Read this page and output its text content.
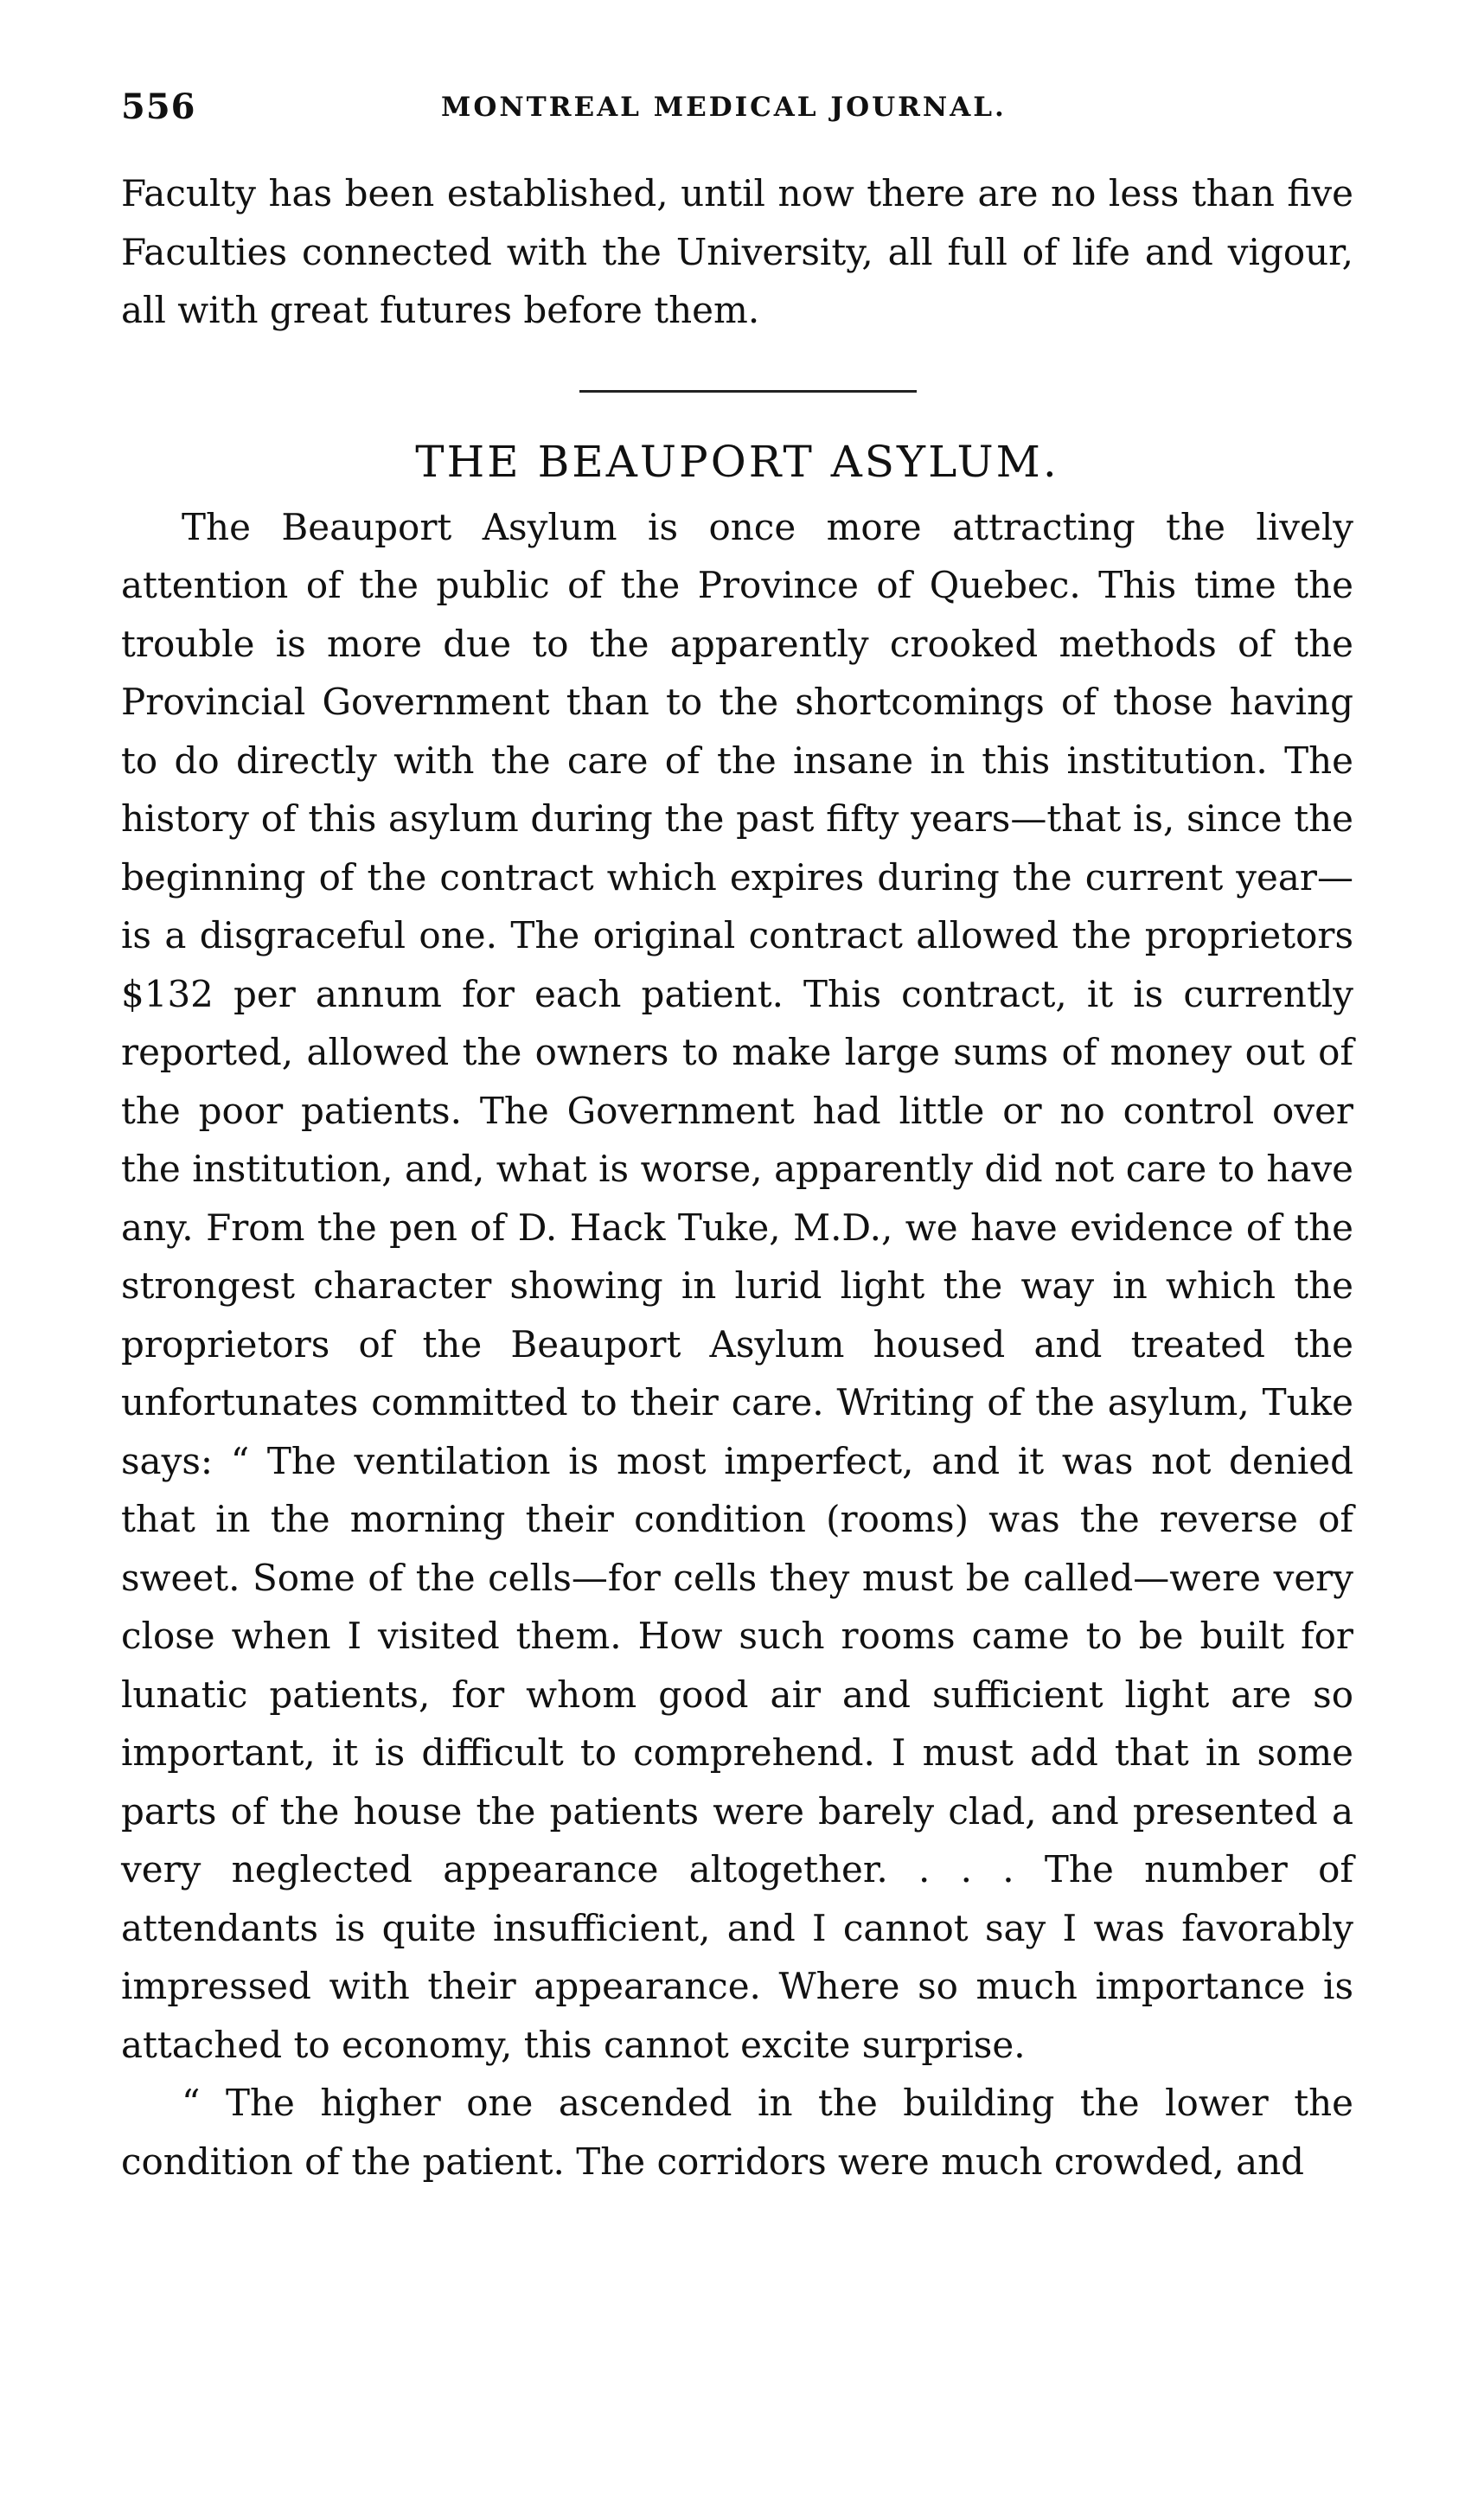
556	MONTREAL MEDICAL JOURNAL.

Faculty has been established, until now there are no less than five Faculties connected with the University, all full of life and vigour, all with great futures before them.

THE BEAUPORT ASYLUM.

The Beauport Asylum is once more attracting the lively attention of the public of the Province of Quebec. This time the trouble is more due to the apparently crooked methods of the Provincial Government than to the shortcomings of those having to do directly with the care of the insane in this institution. The history of this asylum during the past fifty years—that is, since the beginning of the contract which expires during the current year—is a disgraceful one. The original contract allowed the proprietors $132 per annum for each patient. This contract, it is currently reported, allowed the owners to make large sums of money out of the poor patients. The Government had little or no control over the institution, and, what is worse, apparently did not care to have any. From the pen of D. Hack Tuke, M.D., we have evidence of the strongest character showing in lurid light the way in which the proprietors of the Beauport Asylum housed and treated the unfortunates committed to their care. Writing of the asylum, Tuke says: “ The ventilation is most imperfect, and it was not denied that in the morning their condition (rooms) was the reverse of sweet. Some of the cells—for cells they must be called—were very close when I visited them. How such rooms came to be built for lunatic patients, for whom good air and sufficient light are so important, it is difficult to comprehend. I must add that in some parts of the house the patients were barely clad, and presented a very neglected appearance altogether. . . . The number of attendants is quite insufficient, and I cannot say I was favorably impressed with their appearance. Where so much importance is attached to economy, this cannot excite surprise.

“ The higher one ascended in the building the lower the condition of the patient. The corridors were much crowded, and
